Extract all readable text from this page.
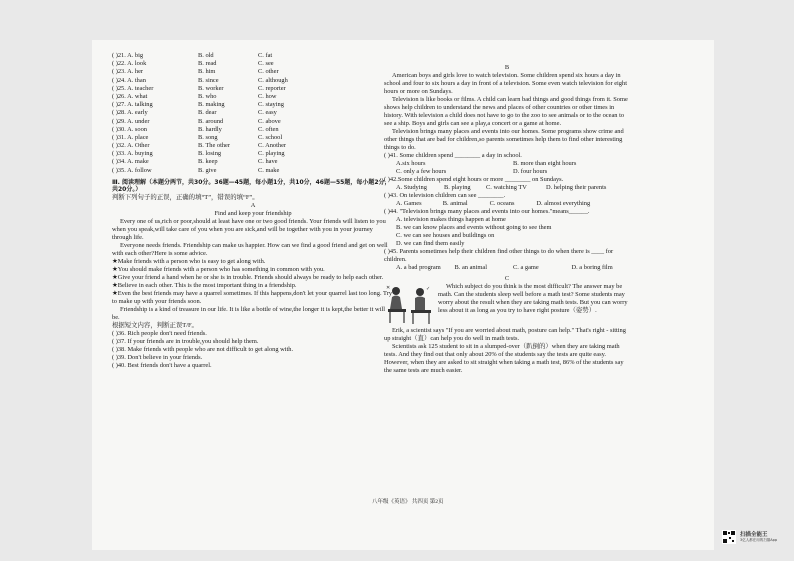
( )21. A. big	B. old	C. fat
( )22. A. look	B. read	C. see
( )23. A. her	B. him	C. other
( )24. A. than	B. since	C. although
( )25. A. teacher	B. worker	C. reporter
( )26. A. what	B. who	C. how
( )27. A. talking	B. making	C. staying
( )28. A. early	B. dear	C. easy
( )29. A. under	B. around	C. above
( )30. A. soon	B. hardly	C. often
( )31. A. place	B. song	C. school
( )32. A. Other	B. The other	C. Another
( )33. A. buying	B. losing	C. playing
( )34. A. make	B. keep	C. have
( )35. A. follow	B. give	C. make
Ⅲ. 阅读理解（本题分两节，共30分。36题—45题，每小题1分，共10分，46题—55题，每小题2分，共20分。）
判断下列句子的正误，正确的填“T”，错误的填“F”。
A
Find and keep your friendship

Every one of us,rich or poor,should at least have one or two good friends. Your friends will listen to you when you speak,will take care of you when you are sick,and will be together with you in your journey through life.

Everyone needs friends. Friendship can make us happier. How can we find a good friend and get on well with each other?Here is some advice.

★Make friends with a person who is easy to get along with.

★You should make friends with a person who has something in common with you.

★Give your friend a hand when he or she is in trouble. Friends should always be ready to help each other.

★Believe in each other. This is the most important thing in a friendship.

★Even the best friends may have a quarrel sometimes. If this happens,don't let your quarrel last too long. Try to make up with your friends soon.

Friendship is a kind of treasure in our life. It is like a bottle of wine,the longer it is kept,the better it will be.

根据短文内容，判断正误T/F。

( )36. Rich people don't need friends.

( )37. If your friends are in trouble,you should help them.

( )38. Make friends with people who are not difficult to get along with.

( )39. Don't believe in your friends.

( )40. Best friends don't have a quarrel.

B

American boys and girls love to watch television. Some children spend six hours a day in school and four to six hours a day in front of a television. Some even watch television for eight hours or more on Sundays.

Television is like books or films. A child can learn bad things and good things from it. Some shows help children to understand the news and places of other countries or other times in history. With television a child does not have to go to the zoo to see animals or to the ocean to see a ship. Boys and girls can see a play,a concert or a game at home.

Television brings many places and events into our homes. Some programs show crime and other things that are bad for children,so parents sometimes help them to find other interesting things to do.

( )41. Some children spend ________ a day in school.

A.six hours	B. more than eight hours
C. only a few hours	D. four hours

( )42.Some children spend eight hours or more ________ on Sundays.

A. Studying	B. playing	C. watching TV	D. helping their parents

( )43. On television children can see ________.

A. Games	B. animal	C. oceans	D. almost everything

( )44. "Television brings many places and events into our homes."means______.

A. television makes things happen at home
B. we can know places and events without going to see them
C. we can see houses and buildings on
D. we can find them easily

( )45. Parents sometimes help their children find other things to do when there is ____ for children.

A. a bad program	B. an animal	C. a game	D. a boring film
C
✕	✓	Which subject do you think is the most difficult? The answer may be math. Can the students sleep well before a math test? Some students may worry about the result when they are taking math tests. But you can worry less about it as long as you try to have right posture（姿势）.

Erik, a scientist says "If you are worried about math, posture can help." That's right - sitting up straight（直）can help you do well in math tests.

Scientists ask 125 student to sit in a slumped-over（趴倒的）when they are taking math tests. And they find out that only about 20% of the students say the tests are quite easy. However, when they are asked to sit straight when taking a math test, 86% of the students say the same tests are much easier.

八年级《英语》 共四页 第2页
扫描全能王
3亿人都在用的扫描App
